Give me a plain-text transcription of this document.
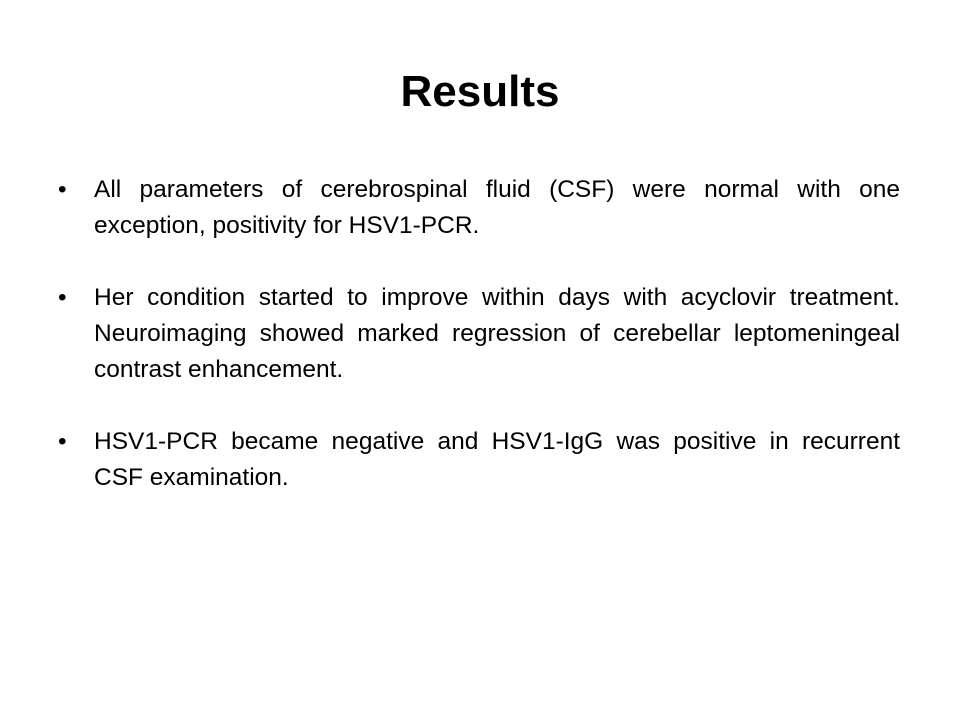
Results
•	All parameters of cerebrospinal fluid (CSF) were normal with one exception, positivity for HSV1-PCR.
•	Her condition started to improve within days with acyclovir treatment. Neuroimaging showed marked regression of cerebellar leptomeningeal contrast enhancement.
•	HSV1-PCR became negative and HSV1-IgG was positive in recurrent CSF examination.
